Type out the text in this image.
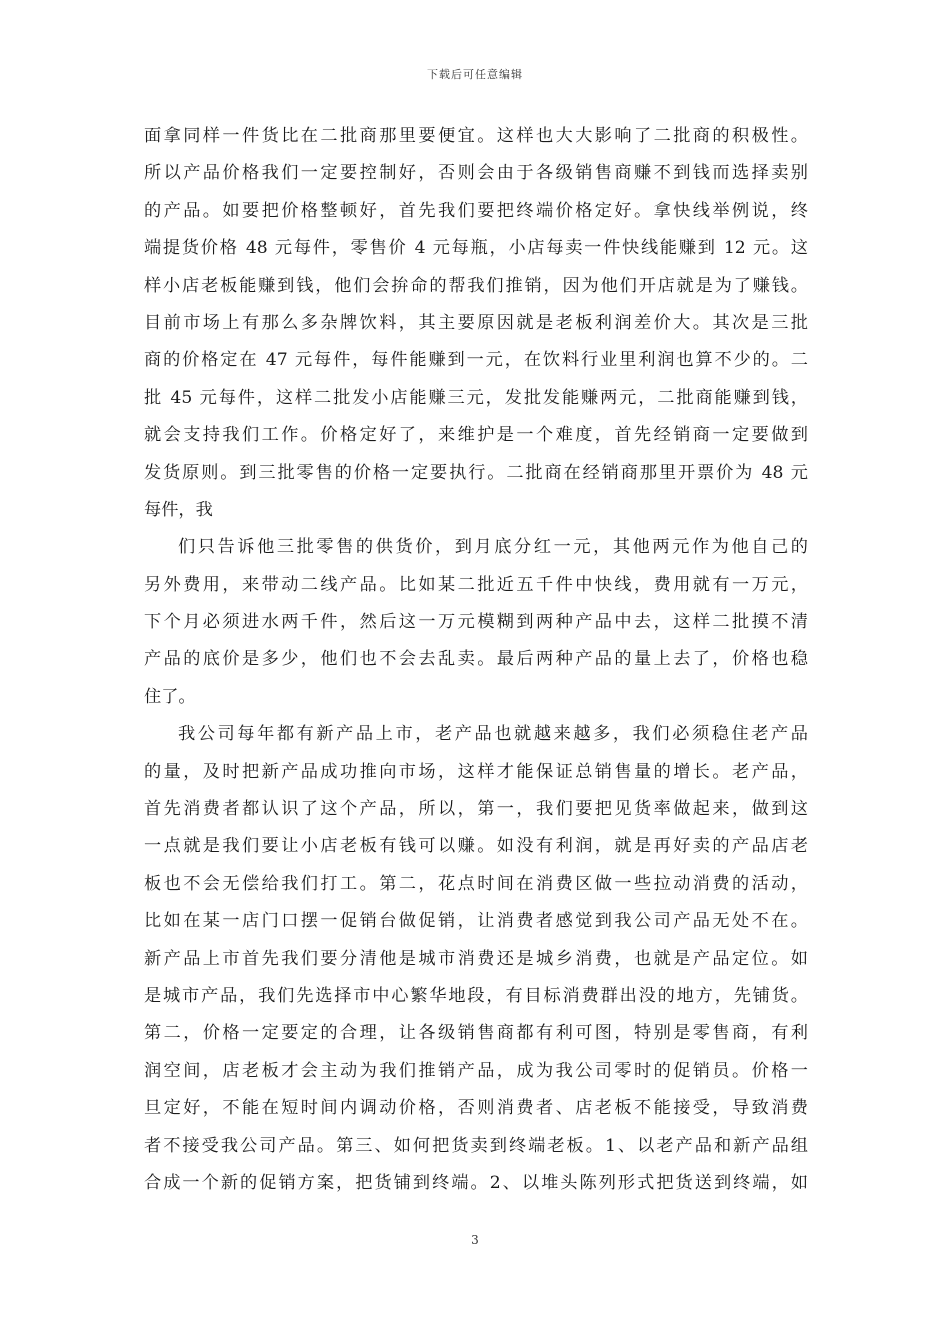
下载后可任意编辑
面拿同样一件货比在二批商那里要便宜。这样也大大影响了二批商的积极性。
所以产品价格我们一定要控制好，否则会由于各级销售商赚不到钱而选择卖别
的产品。如要把价格整顿好，首先我们要把终端价格定好。拿快线举例说，终
端提货价格 48 元每件，零售价 4 元每瓶，小店每卖一件快线能赚到 12 元。这
样小店老板能赚到钱，他们会拚命的帮我们推销，因为他们开店就是为了赚钱。
目前市场上有那么多杂牌饮料，其主要原因就是老板利润差价大。其次是三批
商的价格定在 47 元每件，每件能赚到一元，在饮料行业里利润也算不少的。二
批 45 元每件，这样二批发小店能赚三元，发批发能赚两元，二批商能赚到钱，
就会支持我们工作。价格定好了，来维护是一个难度，首先经销商一定要做到
发货原则。到三批零售的价格一定要执行。二批商在经销商那里开票价为 48 元
每件，我
们只告诉他三批零售的供货价，到月底分红一元，其他两元作为他自己的
另外费用，来带动二线产品。比如某二批近五千件中快线，费用就有一万元，
下个月必须进水两千件，然后这一万元模糊到两种产品中去，这样二批摸不清
产品的底价是多少，他们也不会去乱卖。最后两种产品的量上去了，价格也稳
住了。
我公司每年都有新产品上市，老产品也就越来越多，我们必须稳住老产品
的量，及时把新产品成功推向市场，这样才能保证总销售量的增长。老产品，
首先消费者都认识了这个产品，所以，第一，我们要把见货率做起来，做到这
一点就是我们要让小店老板有钱可以赚。如没有利润，就是再好卖的产品店老
板也不会无偿给我们打工。第二，花点时间在消费区做一些拉动消费的活动，
比如在某一店门口摆一促销台做促销，让消费者感觉到我公司产品无处不在。
新产品上市首先我们要分清他是城市消费还是城乡消费，也就是产品定位。如
是城市产品，我们先选择市中心繁华地段，有目标消费群出没的地方，先铺货。
第二，价格一定要定的合理，让各级销售商都有利可图，特别是零售商，有利
润空间，店老板才会主动为我们推销产品，成为我公司零时的促销员。价格一
旦定好，不能在短时间内调动价格，否则消费者、店老板不能接受，导致消费
者不接受我公司产品。第三、如何把货卖到终端老板。1、以老产品和新产品组
合成一个新的促销方案，把货铺到终端。2、以堆头陈列形式把货送到终端，如
3
